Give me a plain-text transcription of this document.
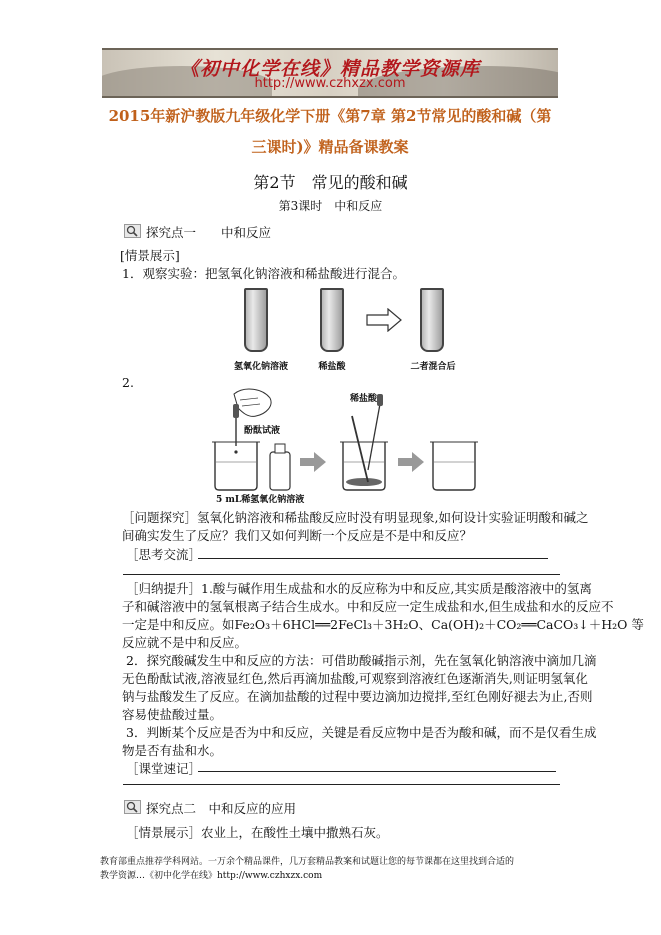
《初中化学在线》精品教学资源库
http://www.czhxzx.com
2015年新沪教版九年级化学下册《第7章 第2节常见的酸和碱（第
三课时)》精品备课教案
第2节　常见的酸和碱
第3课时　中和反应
探究点一　　中和反应
[情景展示]
1．观察实验：把氢氧化钠溶液和稀盐酸进行混合。
氢氧化钠溶液	稀盐酸	二者混合后
2.
酚酞试液
稀盐酸
5 mL稀氢氧化钠溶液
［问题探究］氢氧化钠溶液和稀盐酸反应时没有明显现象,如何设计实验证明酸和碱之
间确实发生了反应？我们又如何判断一个反应是不是中和反应？
［思考交流］
［归纳提升］1.酸与碱作用生成盐和水的反应称为中和反应,其实质是酸溶液中的氢离
子和碱溶液中的氢氧根离子结合生成水。中和反应一定生成盐和水,但生成盐和水的反应不
一定是中和反应。如Fe₂O₃＋6HCl══2FeCl₃＋3H₂O、Ca(OH)₂＋CO₂══CaCO₃↓＋H₂O 等
反应就不是中和反应。
2．探究酸碱发生中和反应的方法：可借助酸碱指示剂，先在氢氧化钠溶液中滴加几滴
无色酚酞试液,溶液显红色,然后再滴加盐酸,可观察到溶液红色逐渐消失,则证明氢氧化
钠与盐酸发生了反应。在滴加盐酸的过程中要边滴加边搅拌,至红色刚好褪去为止,否则
容易使盐酸过量。
3．判断某个反应是否为中和反应，关键是看反应物中是否为酸和碱，而不是仅看生成
物是否有盐和水。
［课堂速记］
探究点二　中和反应的应用
［情景展示］农业上，在酸性土壤中撒熟石灰。
教育部重点推荐学科网站。一万余个精品课件，几万套精品教案和试题让您的每节课都在这里找到合适的
教学资源…《初中化学在线》http://www.czhxzx.com
